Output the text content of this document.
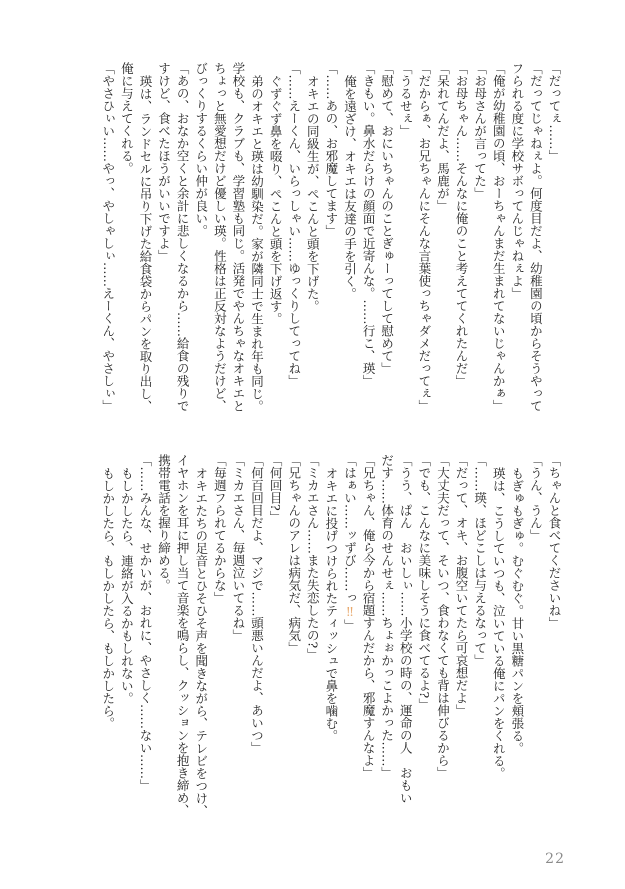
「だってぇ……」

「だってじゃねぇよ。何度目だよ、幼稚園の頃からそうやって

フられる度に学校サボってんじゃねぇよ」

「俺が幼稚園の頃、おーちゃんまだ生まれてないじゃんかぁ」

「お母さんが言ってた」

「お母ちゃん……そんなに俺のこと考えててくれたんだ」

「呆れてんだよ、馬鹿が」

「だからぁ、お兄ちゃんにそんな言葉使っちゃダメだってぇ」

「うるせぇ」

「慰めて、おにいちゃんのことぎゅーってして慰めて」

「きもい。鼻水だらけの顔面で近寄んな。……行こ、瑛」

俺を遠ざけ、オキエは友達の手を引く。

「……あの、お邪魔してます」

オキエの同級生が、ぺこんと頭を下げた。

「……えーくん、いらっしゃい……ゆっくりしてってね」

ぐずぐず鼻を啜り、ぺこんと頭を下げ返す。

弟のオキエと瑛は幼馴染だ。家が隣同士で生まれ年も同じ。

学校も、クラブも、学習塾も同じ。活発でやんちゃなオキエと

ちょっと無愛想だけど優しい瑛。性格は正反対なようだけど、

びっくりするくらい仲が良い。

「あの、おなか空くと余計に悲しくなるから……給食の残りで

すけど、食べたほうがいいですよ」

瑛は、ランドセルに吊り下げた給食袋からパンを取り出し、

俺に与えてくれる。

「やさひぃい……やっ、やしゃしぃ……えーくん、やさしぃ」

「ちゃんと食べてくださいね」

「うん、うん」

もぎゅもぎゅ。むぐむぐ。甘い黒糖パンを頬張る。

瑛は、こうしていつも、泣いている俺にパンをくれる。

「……瑛、ほどこしは与えるなって」

「だって、オキ、お腹空いてたら可哀想だよ」

「大丈夫だって、そいつ、食わなくても背は伸びるから」

「でも、こんなに美味しそうに食べてるよ?」

「うう、ぱん　おいしぃ……小学校の時の、運命の人　おもい

だす……体育のせんせぇ……ちょぉかっこよかった……」

「兄ちゃん、俺ら今から宿題すんだから、邪魔すんなよ」

「はぁい……ッずび……っ‼」

オキエに投げつけられたティッシュで鼻を噛む。

「ミカエさん……また失恋したの?」

「兄ちゃんのアレは病気だ、病気」

「何回目?」

「何百回目だよ、マジで……頭悪いんだよ、あいつ」

「ミカエさん、毎週泣いてるね」

「毎週フられてるからな」

オキエたちの足音とひそひそ声を聞きながら、テレビをつけ、

イヤホンを耳に押し当て音楽を鳴らし、クッションを抱き締め、

携帯電話を握り締める。

「……みんな、せかいが、おれに、やさしく……ない……」

もしかしたら、連絡が入るかもしれない。

もしかしたら、もしかしたら、もしかしたら。

22
